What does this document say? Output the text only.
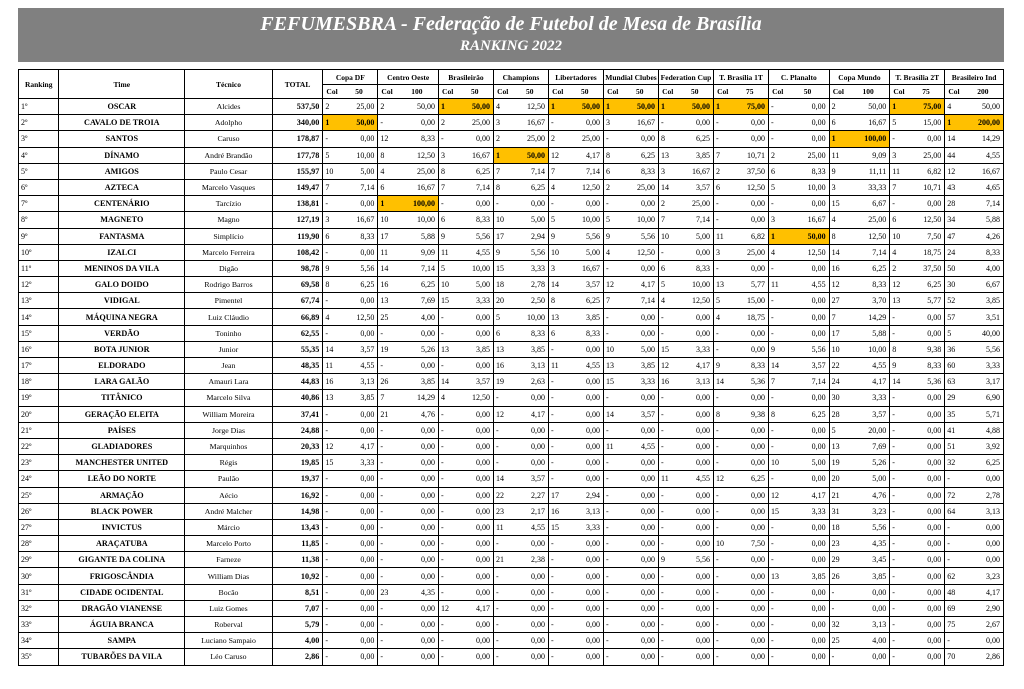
FEFUMESBRA - Federação de Futebol de Mesa de Brasília
RANKING 2022
Ranking	Time	Técnico	TOTAL	Copa DF		Centro Oeste		Brasileirão		Champions		Libertadores		Mundial Clubes		Federation Cup		T. Brasília 1T		C. Planalto		Copa Mundo		T. Brasília 2T		Brasileiro Ind	
				Col	50	Col	100	Col	50	Col	50	Col	50	Col	50	Col	50	Col	75	Col	50	Col	100	Col	75	Col	200
1º	OSCAR	Alcides	537,50	2	25,00	2	50,00	1	50,00	4	12,50	1	50,00	1	50,00	1	50,00	1	75,00	-	0,00	2	50,00	1	75,00	4	50,00
2º	CAVALO DE TROIA	Adolpho	340,00	1	50,00	-	0,00	2	25,00	3	16,67	-	0,00	3	16,67	-	0,00	-	0,00	-	0,00	6	16,67	5	15,00	1	200,00
3º	SANTOS	Caruso	178,87	-	0,00	12	8,33	-	0,00	2	25,00	2	25,00	-	0,00	8	6,25	-	0,00	-	0,00	1	100,00	-	0,00	14	14,29
4º	DÍNAMO	André Brandão	177,78	5	10,00	8	12,50	3	16,67	1	50,00	12	4,17	8	6,25	13	3,85	7	10,71	2	25,00	11	9,09	3	25,00	44	4,55
5º	AMIGOS	Paulo Cesar	155,97	10	5,00	4	25,00	8	6,25	7	7,14	7	7,14	6	8,33	3	16,67	2	37,50	6	8,33	9	11,11	11	6,82	12	16,67
6º	AZTECA	Marcelo Vasques	149,47	7	7,14	6	16,67	7	7,14	8	6,25	4	12,50	2	25,00	14	3,57	6	12,50	5	10,00	3	33,33	7	10,71	43	4,65
7º	CENTENÁRIO	Tarcízio	138,81	-	0,00	1	100,00	-	0,00	-	0,00	-	0,00	-	0,00	2	25,00	-	0,00	-	0,00	15	6,67	-	0,00	28	7,14
8º	MAGNETO	Magno	127,19	3	16,67	10	10,00	6	8,33	10	5,00	5	10,00	5	10,00	7	7,14	-	0,00	3	16,67	4	25,00	6	12,50	34	5,88
9º	FANTASMA	Simplício	119,90	6	8,33	17	5,88	9	5,56	17	2,94	9	5,56	9	5,56	10	5,00	11	6,82	1	50,00	8	12,50	10	7,50	47	4,26
10º	IZALCI	Marcelo Ferreira	108,42	-	0,00	11	9,09	11	4,55	9	5,56	10	5,00	4	12,50	-	0,00	3	25,00	4	12,50	14	7,14	4	18,75	24	8,33
11º	MENINOS DA VILA	Digão	98,78	9	5,56	14	7,14	5	10,00	15	3,33	3	16,67	-	0,00	6	8,33	-	0,00	-	0,00	16	6,25	2	37,50	50	4,00
12º	GALO DOIDO	Rodrigo Barros	69,58	8	6,25	16	6,25	10	5,00	18	2,78	14	3,57	12	4,17	5	10,00	13	5,77	11	4,55	12	8,33	12	6,25	30	6,67
13º	VIDIGAL	Pimentel	67,74	-	0,00	13	7,69	15	3,33	20	2,50	8	6,25	7	7,14	4	12,50	5	15,00	-	0,00	27	3,70	13	5,77	52	3,85
14º	MÁQUINA NEGRA	Luiz Cláudio	66,89	4	12,50	25	4,00	-	0,00	5	10,00	13	3,85	-	0,00	-	0,00	4	18,75	-	0,00	7	14,29	-	0,00	57	3,51
15º	VERDÃO	Toninho	62,55	-	0,00	-	0,00	-	0,00	6	8,33	6	8,33	-	0,00	-	0,00	-	0,00	-	0,00	17	5,88	-	0,00	5	40,00
16º	BOTA JUNIOR	Junior	55,35	14	3,57	19	5,26	13	3,85	13	3,85	-	0,00	10	5,00	15	3,33	-	0,00	9	5,56	10	10,00	8	9,38	36	5,56
17º	ELDORADO	Jean	48,35	11	4,55	-	0,00	-	0,00	16	3,13	11	4,55	13	3,85	12	4,17	9	8,33	14	3,57	22	4,55	9	8,33	60	3,33
18º	LARA GALÃO	Amauri Lara	44,83	16	3,13	26	3,85	14	3,57	19	2,63	-	0,00	15	3,33	16	3,13	14	5,36	7	7,14	24	4,17	14	5,36	63	3,17
19º	TITÂNICO	Marcelo Silva	40,86	13	3,85	7	14,29	4	12,50	-	0,00	-	0,00	-	0,00	-	0,00	-	0,00	-	0,00	30	3,33	-	0,00	29	6,90
20º	GERAÇÃO ELEITA	William Moreira	37,41	-	0,00	21	4,76	-	0,00	12	4,17	-	0,00	14	3,57	-	0,00	8	9,38	8	6,25	28	3,57	-	0,00	35	5,71
21º	PAÍSES	Jorge Dias	24,88	-	0,00	-	0,00	-	0,00	-	0,00	-	0,00	-	0,00	-	0,00	-	0,00	-	0,00	5	20,00	-	0,00	41	4,88
22º	GLADIADORES	Marquinhos	20,33	12	4,17	-	0,00	-	0,00	-	0,00	-	0,00	11	4,55	-	0,00	-	0,00	-	0,00	13	7,69	-	0,00	51	3,92
23º	MANCHESTER UNITED	Régis	19,85	15	3,33	-	0,00	-	0,00	-	0,00	-	0,00	-	0,00	-	0,00	-	0,00	10	5,00	19	5,26	-	0,00	32	6,25
24º	LEÃO DO NORTE	Paulão	19,37	-	0,00	-	0,00	-	0,00	14	3,57	-	0,00	-	0,00	11	4,55	12	6,25	-	0,00	20	5,00	-	0,00	-	0,00
25º	ARMAÇÃO	Aécio	16,92	-	0,00	-	0,00	-	0,00	22	2,27	17	2,94	-	0,00	-	0,00	-	0,00	12	4,17	21	4,76	-	0,00	72	2,78
26º	BLACK POWER	André Malcher	14,98	-	0,00	-	0,00	-	0,00	23	2,17	16	3,13	-	0,00	-	0,00	-	0,00	15	3,33	31	3,23	-	0,00	64	3,13
27º	INVICTUS	Márcio	13,43	-	0,00	-	0,00	-	0,00	11	4,55	15	3,33	-	0,00	-	0,00	-	0,00	-	0,00	18	5,56	-	0,00	-	0,00
28º	ARAÇATUBA	Marcelo Porto	11,85	-	0,00	-	0,00	-	0,00	-	0,00	-	0,00	-	0,00	-	0,00	10	7,50	-	0,00	23	4,35	-	0,00	-	0,00
29º	GIGANTE DA COLINA	Farneze	11,38	-	0,00	-	0,00	-	0,00	21	2,38	-	0,00	-	0,00	9	5,56	-	0,00	-	0,00	29	3,45	-	0,00	-	0,00
30º	FRIGOSCÂNDIA	William Dias	10,92	-	0,00	-	0,00	-	0,00	-	0,00	-	0,00	-	0,00	-	0,00	-	0,00	13	3,85	26	3,85	-	0,00	62	3,23
31º	CIDADE OCIDENTAL	Bocão	8,51	-	0,00	23	4,35	-	0,00	-	0,00	-	0,00	-	0,00	-	0,00	-	0,00	-	0,00	-	0,00	-	0,00	48	4,17
32º	DRAGÃO VIANENSE	Luiz Gomes	7,07	-	0,00	-	0,00	12	4,17	-	0,00	-	0,00	-	0,00	-	0,00	-	0,00	-	0,00	-	0,00	-	0,00	69	2,90
33º	ÁGUIA BRANCA	Roberval	5,79	-	0,00	-	0,00	-	0,00	-	0,00	-	0,00	-	0,00	-	0,00	-	0,00	-	0,00	32	3,13	-	0,00	75	2,67
34º	SAMPA	Luciano Sampaio	4,00	-	0,00	-	0,00	-	0,00	-	0,00	-	0,00	-	0,00	-	0,00	-	0,00	-	0,00	25	4,00	-	0,00	-	0,00
35º	TUBARÕES DA VILA	Léo Caruso	2,86	-	0,00	-	0,00	-	0,00	-	0,00	-	0,00	-	0,00	-	0,00	-	0,00	-	0,00	-	0,00	-	0,00	70	2,86
